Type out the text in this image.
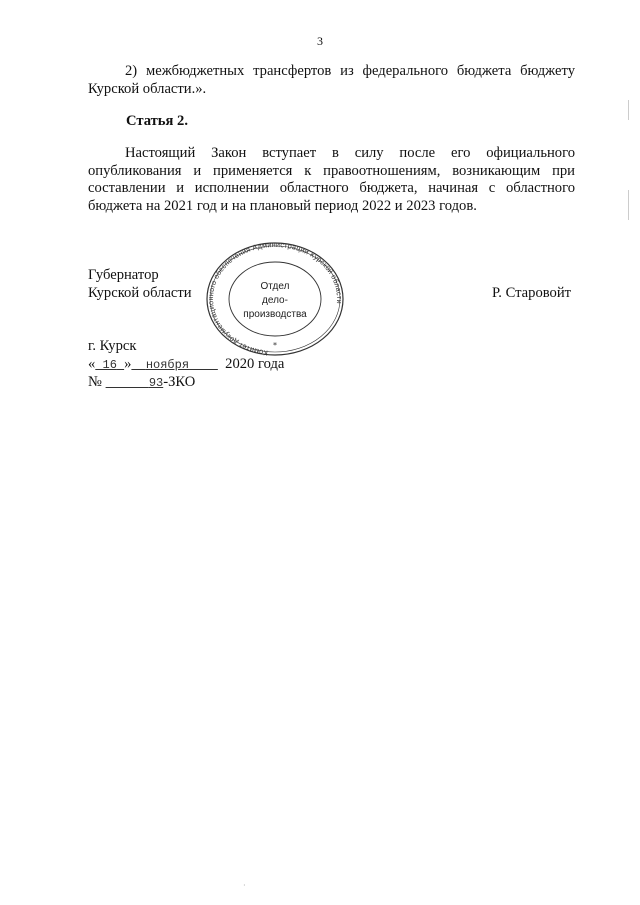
3
2) межбюджетных трансфертов из федерального бюджета бюджету
Курской области.».
Статья 2.
Настоящий Закон вступает в силу после его официального
опубликования и применяется к правоотношениям, возникающим при
составлении и исполнении областного бюджета, начиная с областного
бюджета на 2021 год и на плановый период 2022 и 2023 годов.
Губернатор
Курской области	Р. Старовойт
Комитет документационного обеспечения Администрации Курской области
*
Отдел
дело-
производства
г. Курск
« 16 » ноября 2020 года
№	93-ЗКО
·
